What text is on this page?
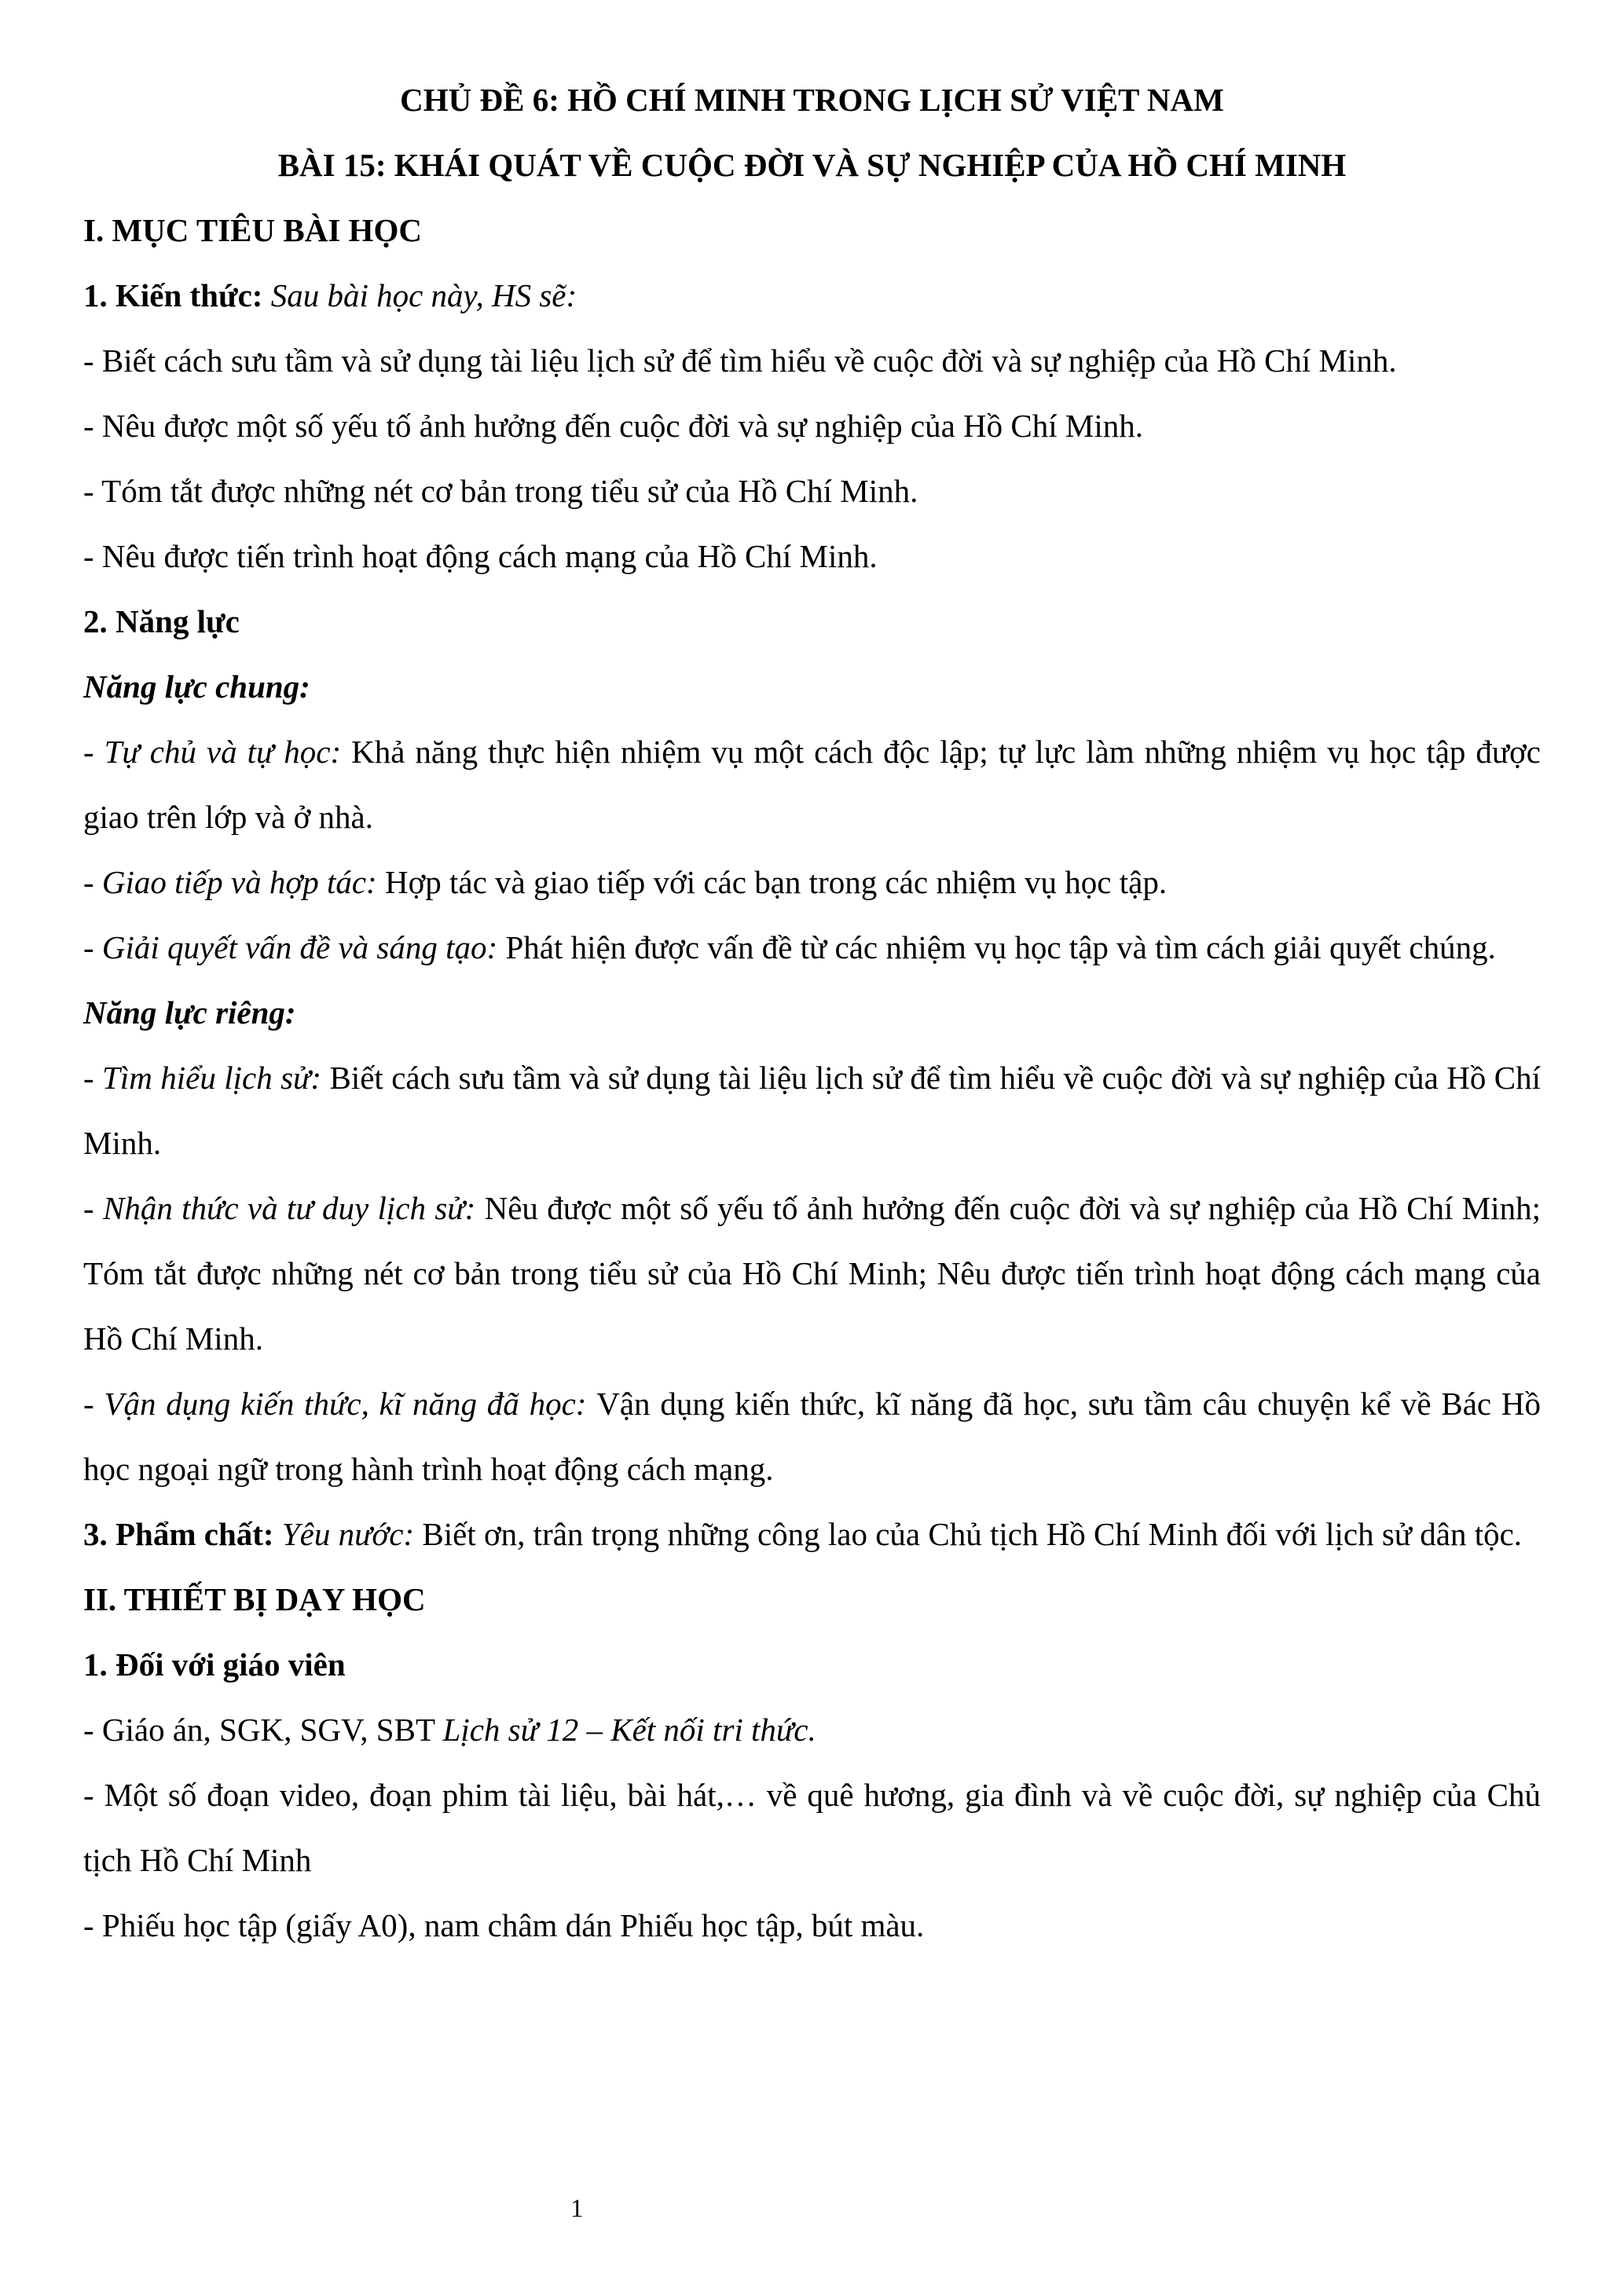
CHỦ ĐỀ 6: HỒ CHÍ MINH TRONG LỊCH SỬ VIỆT NAM

BÀI 15: KHÁI QUÁT VỀ CUỘC ĐỜI VÀ SỰ NGHIỆP CỦA HỒ CHÍ MINH

I. MỤC TIÊU BÀI HỌC

1. Kiến thức: Sau bài học này, HS sẽ:

- Biết cách sưu tầm và sử dụng tài liệu lịch sử để tìm hiểu về cuộc đời và sự nghiệp của Hồ Chí Minh.

- Nêu được một số yếu tố ảnh hưởng đến cuộc đời và sự nghiệp của Hồ Chí Minh.

- Tóm tắt được những nét cơ bản trong tiểu sử của Hồ Chí Minh.

- Nêu được tiến trình hoạt động cách mạng của Hồ Chí Minh.

2. Năng lực

Năng lực chung:

- Tự chủ và tự học: Khả năng thực hiện nhiệm vụ một cách độc lập; tự lực làm những nhiệm vụ học tập được giao trên lớp và ở nhà.

- Giao tiếp và hợp tác: Hợp tác và giao tiếp với các bạn trong các nhiệm vụ học tập.

- Giải quyết vấn đề và sáng tạo: Phát hiện được vấn đề từ các nhiệm vụ học tập và tìm cách giải quyết chúng.

Năng lực riêng:

- Tìm hiểu lịch sử: Biết cách sưu tầm và sử dụng tài liệu lịch sử để tìm hiểu về cuộc đời và sự nghiệp của Hồ Chí Minh.

- Nhận thức và tư duy lịch sử: Nêu được một số yếu tố ảnh hưởng đến cuộc đời và sự nghiệp của Hồ Chí Minh; Tóm tắt được những nét cơ bản trong tiểu sử của Hồ Chí Minh; Nêu được tiến trình hoạt động cách mạng của Hồ Chí Minh.

- Vận dụng kiến thức, kĩ năng đã học: Vận dụng kiến thức, kĩ năng đã học, sưu tầm câu chuyện kể về Bác Hồ học ngoại ngữ trong hành trình hoạt động cách mạng.

3. Phẩm chất: Yêu nước: Biết ơn, trân trọng những công lao của Chủ tịch Hồ Chí Minh đối với lịch sử dân tộc.

II. THIẾT BỊ DẠY HỌC

1. Đối với giáo viên

- Giáo án, SGK, SGV, SBT Lịch sử 12 – Kết nối tri thức.

- Một số đoạn video, đoạn phim tài liệu, bài hát,… về quê hương, gia đình và về cuộc đời, sự nghiệp của Chủ tịch Hồ Chí Minh

- Phiếu học tập (giấy A0), nam châm dán Phiếu học tập, bút màu.

1
